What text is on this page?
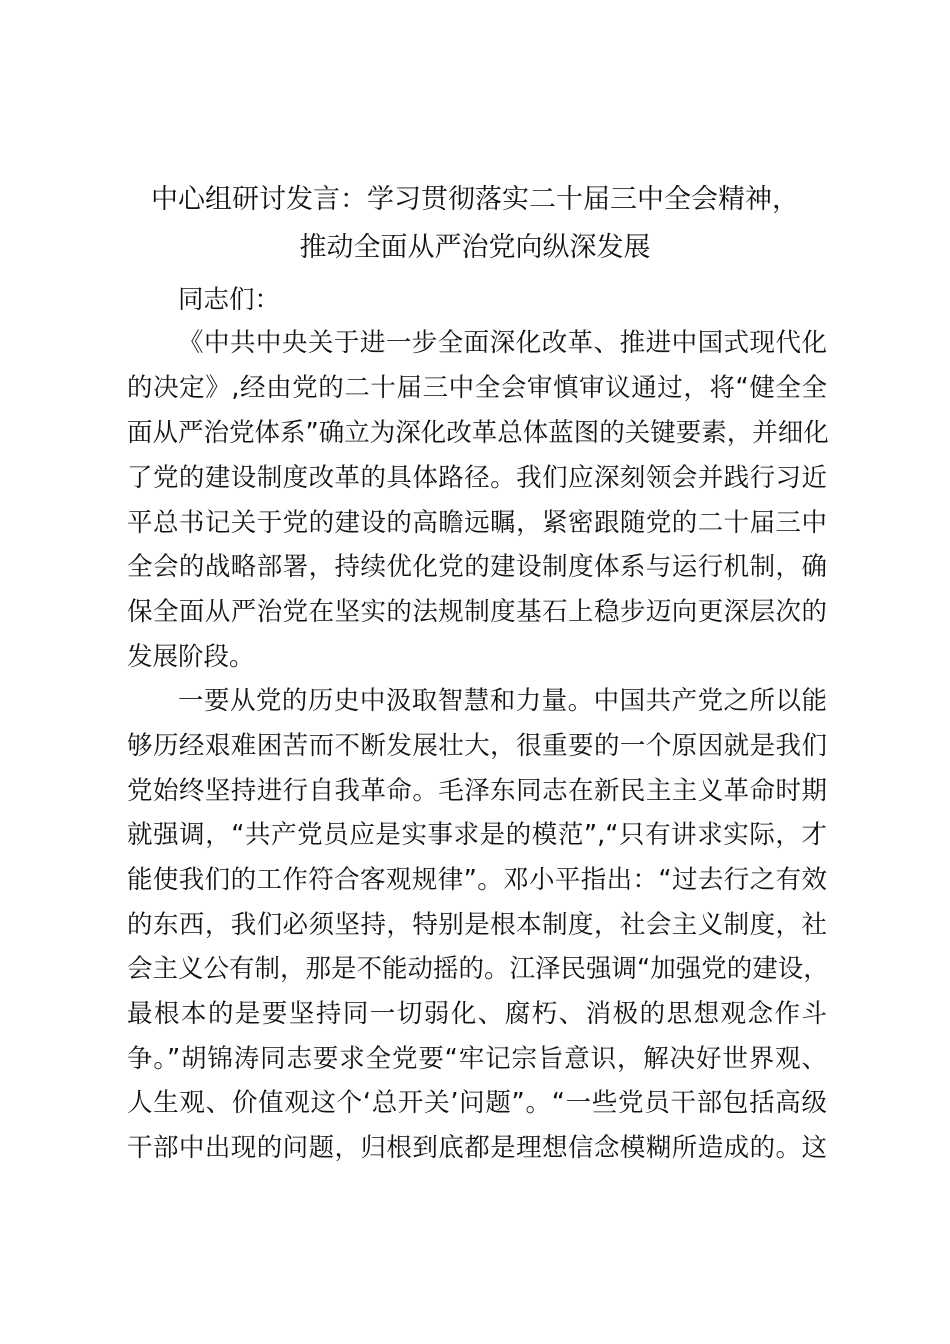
中心组研讨发言：学习贯彻落实二十届三中全会精神，
推动全面从严治党向纵深发展
同志们：
《中共中央关于进一步全面深化改革、推进中国式现代化
的决定》,经由党的二十届三中全会审慎审议通过，将“健全全
面从严治党体系”确立为深化改革总体蓝图的关键要素，并细化
了党的建设制度改革的具体路径。我们应深刻领会并践行习近
平总书记关于党的建设的高瞻远瞩，紧密跟随党的二十届三中
全会的战略部署，持续优化党的建设制度体系与运行机制，确
保全面从严治党在坚实的法规制度基石上稳步迈向更深层次的
发展阶段。
一要从党的历史中汲取智慧和力量。中国共产党之所以能
够历经艰难困苦而不断发展壮大，很重要的一个原因就是我们
党始终坚持进行自我革命。毛泽东同志在新民主主义革命时期
就强调，“共产党员应是实事求是的模范”,“只有讲求实际，才
能使我们的工作符合客观规律”。邓小平指出：“过去行之有效
的东西，我们必须坚持，特别是根本制度，社会主义制度，社
会主义公有制，那是不能动摇的。江泽民强调“加强党的建设，
最根本的是要坚持同一切弱化、腐朽、消极的思想观念作斗
争。”胡锦涛同志要求全党要“牢记宗旨意识，解决好世界观、
人生观、价值观这个‘总开关’问题”。“一些党员干部包括高级
干部中出现的问题，归根到底都是理想信念模糊所造成的。这
